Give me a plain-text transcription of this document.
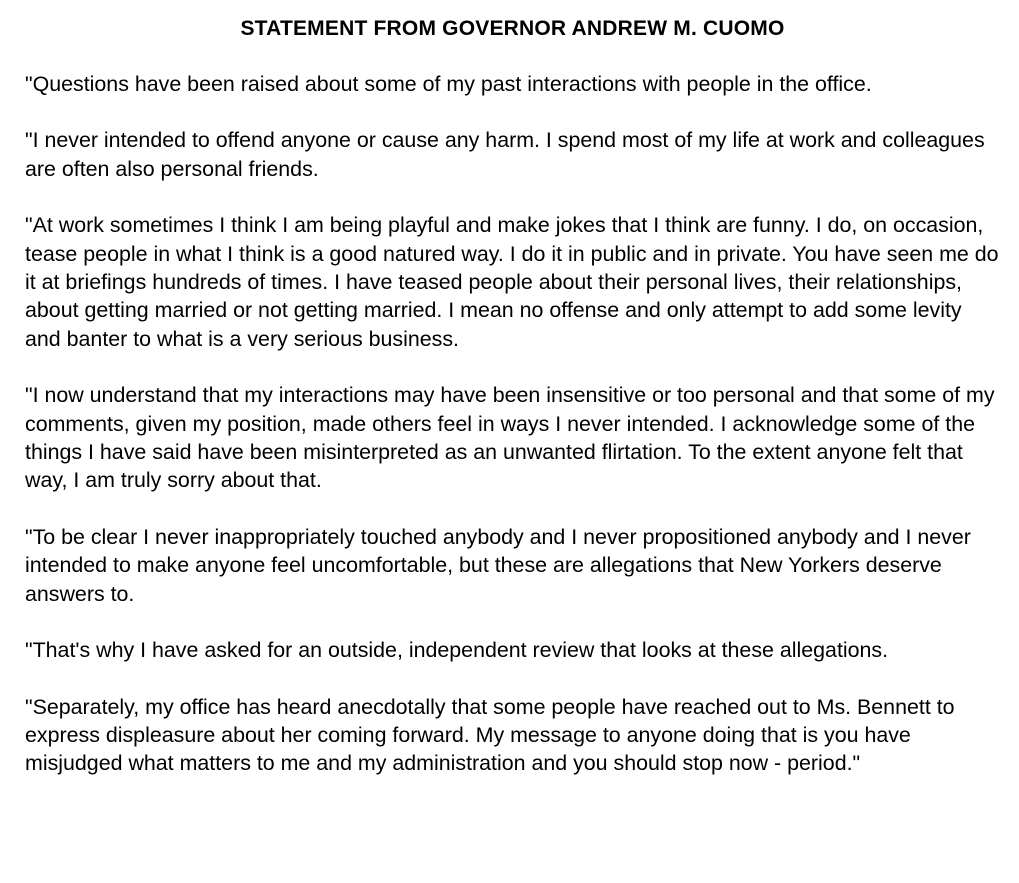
STATEMENT FROM GOVERNOR ANDREW M. CUOMO

"Questions have been raised about some of my past interactions with people in the office.

"I never intended to offend anyone or cause any harm. I spend most of my life at work and colleagues are often also personal friends.

"At work sometimes I think I am being playful and make jokes that I think are funny. I do, on occasion, tease people in what I think is a good natured way. I do it in public and in private. You have seen me do it at briefings hundreds of times. I have teased people about their personal lives, their relationships, about getting married or not getting married. I mean no offense and only attempt to add some levity and banter to what is a very serious business.

"I now understand that my interactions may have been insensitive or too personal and that some of my comments, given my position, made others feel in ways I never intended. I acknowledge some of the things I have said have been misinterpreted as an unwanted flirtation. To the extent anyone felt that way, I am truly sorry about that.

"To be clear I never inappropriately touched anybody and I never propositioned anybody and I never intended to make anyone feel uncomfortable, but these are allegations that New Yorkers deserve answers to.

"That's why I have asked for an outside, independent review that looks at these allegations.

"Separately, my office has heard anecdotally that some people have reached out to Ms. Bennett to express displeasure about her coming forward. My message to anyone doing that is you have misjudged what matters to me and my administration and you should stop now - period."
